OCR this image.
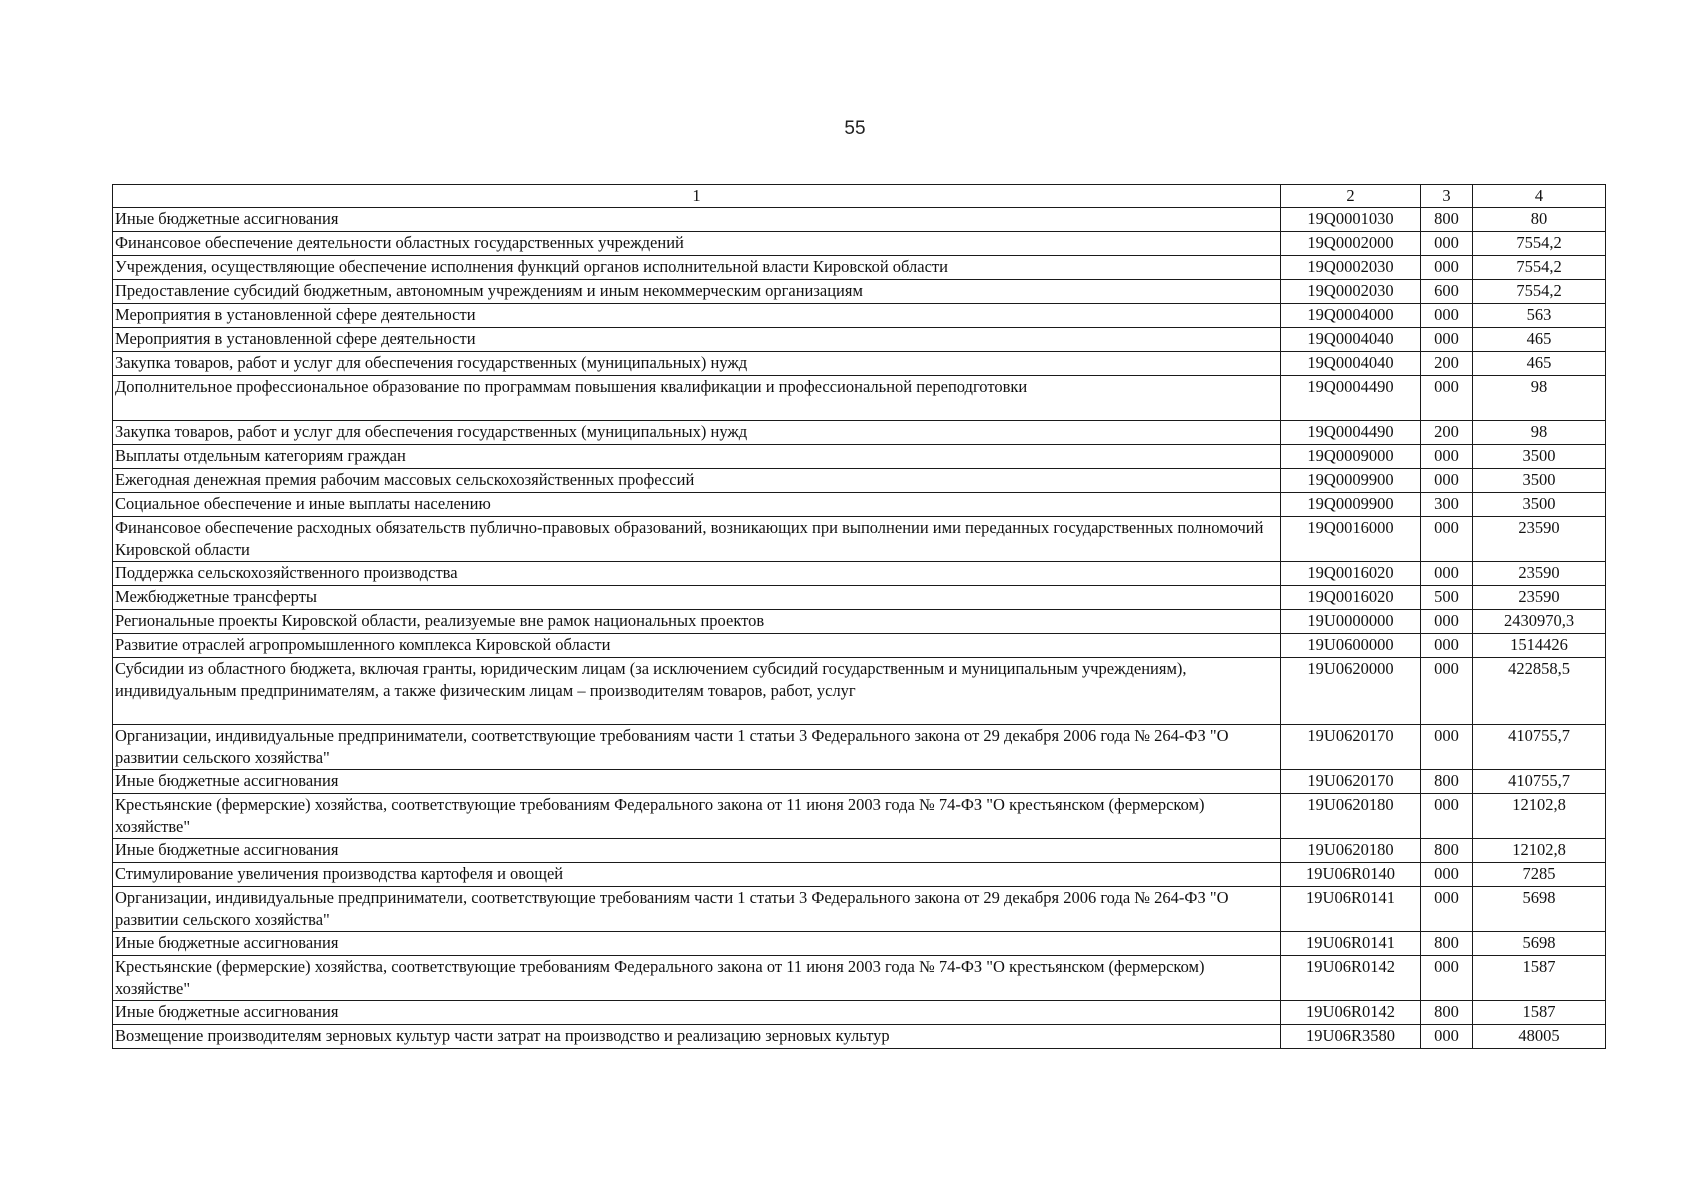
55
1	2	3	4
Иные бюджетные ассигнования	19Q0001030	800	80
Финансовое обеспечение деятельности областных государственных учреждений	19Q0002000	000	7554,2
Учреждения, осуществляющие обеспечение исполнения функций органов исполнительной власти Кировской области	19Q0002030	000	7554,2
Предоставление субсидий бюджетным, автономным учреждениям и иным некоммерческим организациям	19Q0002030	600	7554,2
Мероприятия в установленной сфере деятельности	19Q0004000	000	563
Мероприятия в установленной сфере деятельности	19Q0004040	000	465
Закупка товаров, работ и услуг для обеспечения государственных (муниципальных) нужд	19Q0004040	200	465
Дополнительное профессиональное образование по программам повышения квалификации и профессиональной переподготовки	19Q0004490	000	98
Закупка товаров, работ и услуг для обеспечения государственных (муниципальных) нужд	19Q0004490	200	98
Выплаты отдельным категориям граждан	19Q0009000	000	3500
Ежегодная денежная премия рабочим массовых сельскохозяйственных профессий	19Q0009900	000	3500
Социальное обеспечение и иные выплаты населению	19Q0009900	300	3500
Финансовое обеспечение расходных обязательств публично-правовых образований, возникающих при выполнении ими переданных государственных полномочий Кировской области	19Q0016000	000	23590
Поддержка сельскохозяйственного производства	19Q0016020	000	23590
Межбюджетные трансферты	19Q0016020	500	23590
Региональные проекты Кировской области, реализуемые вне рамок национальных проектов	19U0000000	000	2430970,3
Развитие отраслей агропромышленного комплекса Кировской области	19U0600000	000	1514426
Субсидии из областного бюджета, включая гранты, юридическим лицам (за исключением субсидий государственным и муниципальным учреждениям), индивидуальным предпринимателям, а также физическим лицам – производителям товаров, работ, услуг	19U0620000	000	422858,5
Организации, индивидуальные предприниматели, соответствующие требованиям части 1 статьи 3 Федерального закона от 29 декабря 2006 года № 264-ФЗ "О развитии сельского хозяйства"	19U0620170	000	410755,7
Иные бюджетные ассигнования	19U0620170	800	410755,7
Крестьянские (фермерские) хозяйства, соответствующие требованиям Федерального закона от 11 июня 2003 года № 74-ФЗ "О крестьянском (фермерском) хозяйстве"	19U0620180	000	12102,8
Иные бюджетные ассигнования	19U0620180	800	12102,8
Стимулирование увеличения производства картофеля и овощей	19U06R0140	000	7285
Организации, индивидуальные предприниматели, соответствующие требованиям части 1 статьи 3 Федерального закона от 29 декабря 2006 года № 264-ФЗ "О развитии сельского хозяйства"	19U06R0141	000	5698
Иные бюджетные ассигнования	19U06R0141	800	5698
Крестьянские (фермерские) хозяйства, соответствующие требованиям Федерального закона от 11 июня 2003 года № 74-ФЗ "О крестьянском (фермерском) хозяйстве"	19U06R0142	000	1587
Иные бюджетные ассигнования	19U06R0142	800	1587
Возмещение производителям зерновых культур части затрат на производство и реализацию зерновых культур	19U06R3580	000	48005
